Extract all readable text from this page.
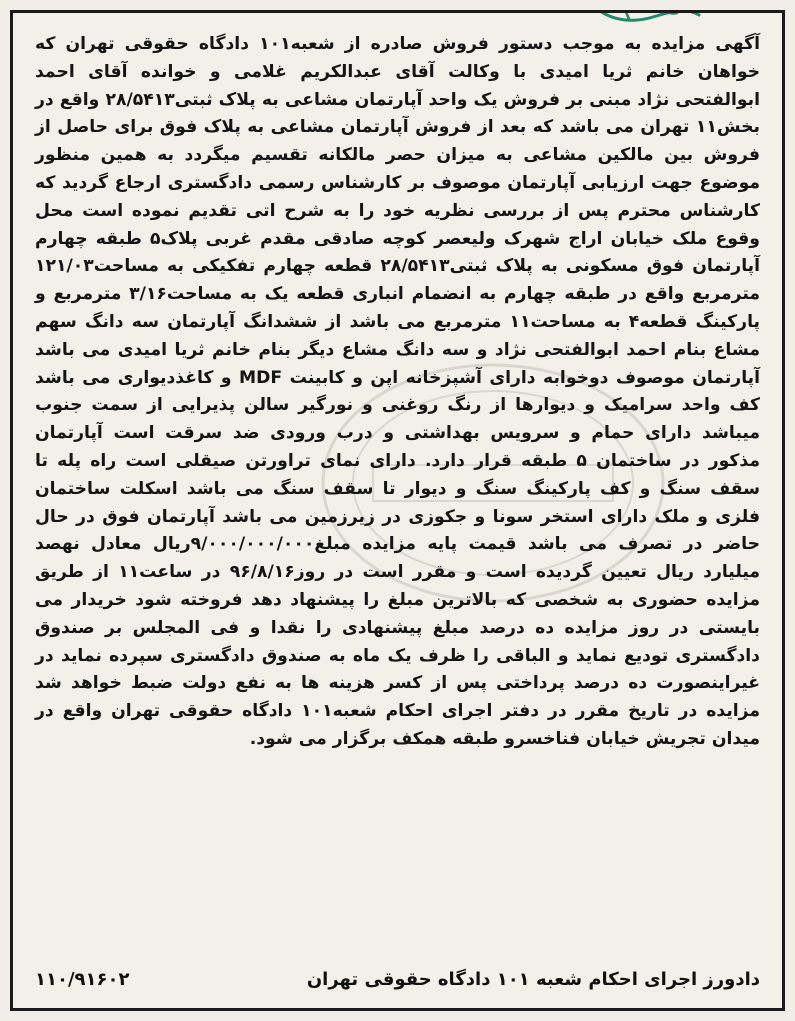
آگهی مزایده به موجب دستور فروش صادره از شعبه۱۰۱ دادگاه حقوقی تهران که خواهان خانم ثریا امیدی با وکالت آقای عبدالکریم غلامی و خوانده آقای احمد ابوالفتحی نژاد مبنی بر فروش یک واحد آپارتمان مشاعی به پلاک ثبتی۲۸/۵۴۱۳ واقع در بخش۱۱ تهران می باشد که بعد از فروش آپارتمان مشاعی به پلاک فوق برای حاصل از فروش بین مالکین مشاعی به میزان حصر مالکانه تقسیم میگردد به همین منظور موضوع جهت ارزیابی آپارتمان موصوف بر کارشناس رسمی دادگستری ارجاع گردید که کارشناس محترم پس از بررسی نظریه خود را به شرح اتی تقدیم نموده است محل وقوع ملک خیابان اراج شهرک ولیعصر کوچه صادقی مقدم غربی پلاک۵ طبقه چهارم آپارتمان فوق مسکونی به پلاک ثبتی۲۸/۵۴۱۳ قطعه چهارم تفکیکی به مساحت۱۲۱/۰۳ مترمربع واقع در طبقه چهارم به انضمام انباری قطعه یک به مساحت۳/۱۶ مترمربع و پارکینگ قطعه۴ به مساحت۱۱ مترمربع می باشد از ششدانگ آپارتمان سه دانگ سهم مشاع بنام احمد ابوالفتحی نژاد و سه دانگ مشاع دیگر بنام خانم ثریا امیدی می باشد آپارتمان موصوف دوخوابه دارای آشپزخانه اپن و کابینت MDF و کاغذدیواری می باشد کف واحد سرامیک و دیوارها از رنگ روغنی و نورگیر سالن پذیرایی از سمت جنوب میباشد دارای حمام و سرویس بهداشتی و درب ورودی ضد سرقت است آپارتمان مذکور در ساختمان ۵ طبقه قرار دارد. دارای نمای تراورتن صیقلی است راه پله تا سقف سنگ و کف پارکینگ سنگ و دیوار تا سقف سنگ می باشد اسکلت ساختمان فلزی و ملک دارای استخر سونا و جکوزی در زیرزمین می باشد آپارتمان فوق در حال حاضر در تصرف می باشد قیمت پایه مزایده مبلغ۹/۰۰۰/۰۰۰/۰۰۰ریال معادل نهصد میلیارد ریال تعیین گردیده است و مقرر است در روز۹۶/۸/۱۶ در ساعت۱۱ از طریق مزایده حضوری به شخصی که بالاترین مبلغ را پیشنهاد دهد فروخته شود خریدار می بایستی در روز مزایده ده درصد مبلغ پیشنهادی را نقدا و فی المجلس بر صندوق دادگستری تودیع نماید و الباقی را ظرف یک ماه به صندوق دادگستری سپرده نماید در غیراینصورت ده درصد پرداختی پس از کسر هزینه ها به نفع دولت ضبط خواهد شد مزایده در تاریخ مقرر در دفتر اجرای احکام شعبه۱۰۱ دادگاه حقوقی تهران واقع در میدان تجریش خیابان فناخسرو طبقه همکف برگزار می شود.

دادورز اجرای احکام شعبه ۱۰۱ دادگاه حقوقی تهران
۱۱۰/۹۱۶۰۲
